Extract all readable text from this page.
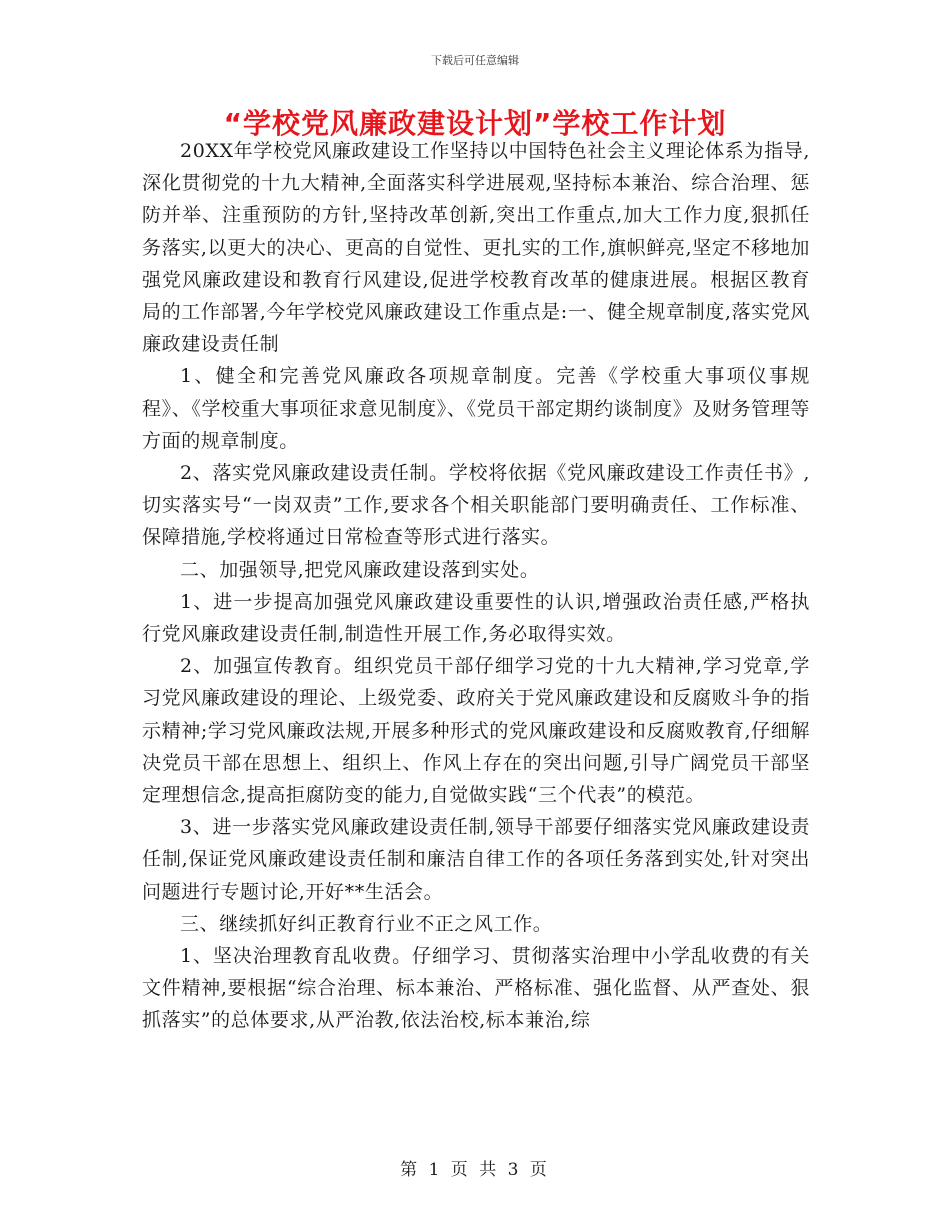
下载后可任意编辑
“学校党风廉政建设计划”学校工作计划

20XX年学校党风廉政建设工作坚持以中国特色社会主义理论体系为指导,深化贯彻党的十九大精神,全面落实科学进展观,坚持标本兼治、综合治理、惩防并举、注重预防的方针,坚持改革创新,突出工作重点,加大工作力度,狠抓任务落实,以更大的决心、更高的自觉性、更扎实的工作,旗帜鲜亮,坚定不移地加强党风廉政建设和教育行风建设,促进学校教育改革的健康进展。根据区教育局的工作部署,今年学校党风廉政建设工作重点是:一、健全规章制度,落实党风廉政建设责任制

1、健全和完善党风廉政各项规章制度。完善《学校重大事项仪事规程》、《学校重大事项征求意见制度》、《党员干部定期约谈制度》及财务管理等方面的规章制度。

2、落实党风廉政建设责任制。学校将依据《党风廉政建设工作责任书》,切实落实号“一岗双责”工作,要求各个相关职能部门要明确责任、工作标准、保障措施,学校将通过日常检查等形式进行落实。

二、加强领导,把党风廉政建设落到实处。

1、进一步提高加强党风廉政建设重要性的认识,增强政治责任感,严格执行党风廉政建设责任制,制造性开展工作,务必取得实效。

2、加强宣传教育。组织党员干部仔细学习党的十九大精神,学习党章,学习党风廉政建设的理论、上级党委、政府关于党风廉政建设和反腐败斗争的指示精神;学习党风廉政法规,开展多种形式的党风廉政建设和反腐败教育,仔细解决党员干部在思想上、组织上、作风上存在的突出问题,引导广阔党员干部坚定理想信念,提高拒腐防变的能力,自觉做实践“三个代表”的模范。

3、进一步落实党风廉政建设责任制,领导干部要仔细落实党风廉政建设责任制,保证党风廉政建设责任制和廉洁自律工作的各项任务落到实处,针对突出问题进行专题讨论,开好**生活会。

三、继续抓好纠正教育行业不正之风工作。

1、坚决治理教育乱收费。仔细学习、贯彻落实治理中小学乱收费的有关文件精神,要根据“综合治理、标本兼治、严格标准、强化监督、从严查处、狠抓落实”的总体要求,从严治教,依法治校,标本兼治,综

第 1 页 共 3 页
